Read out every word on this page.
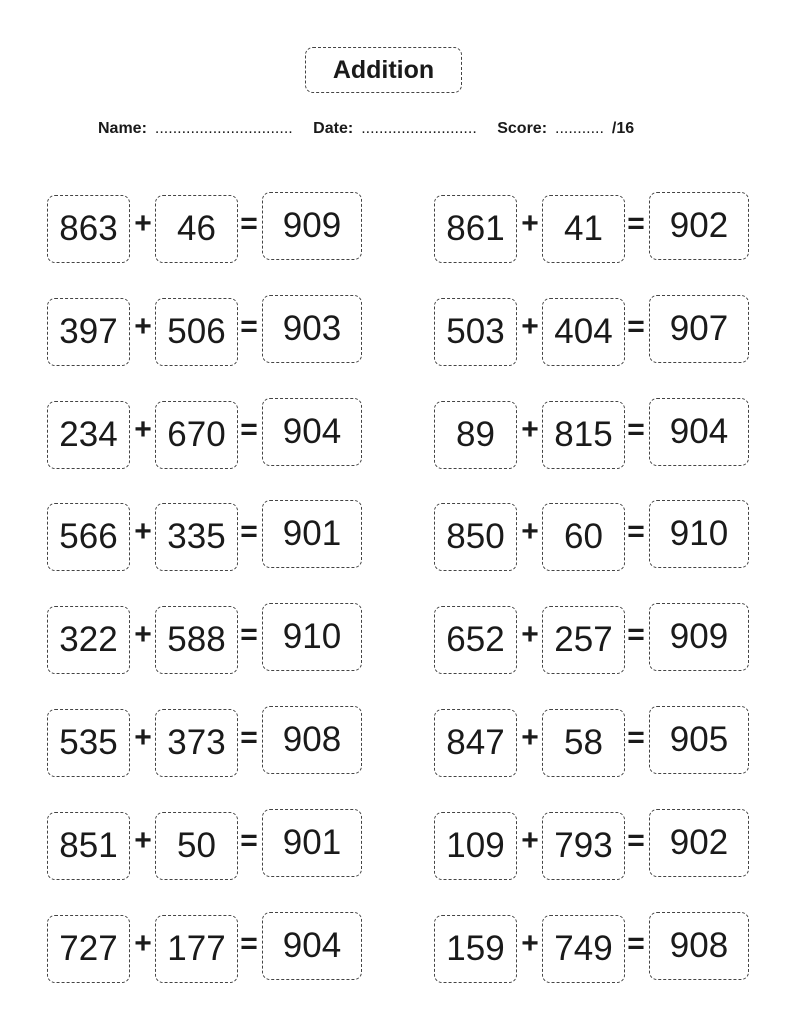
Addition
Name: ............................... Date: .......................... Score: ........... /16
863 + 46 = 909	861 + 41 = 902
397 + 506 = 903	503 + 404 = 907
234 + 670 = 904	89 + 815 = 904
566 + 335 = 901	850 + 60 = 910
322 + 588 = 910	652 + 257 = 909
535 + 373 = 908	847 + 58 = 905
851 + 50 = 901	109 + 793 = 902
727 + 177 = 904	159 + 749 = 908
